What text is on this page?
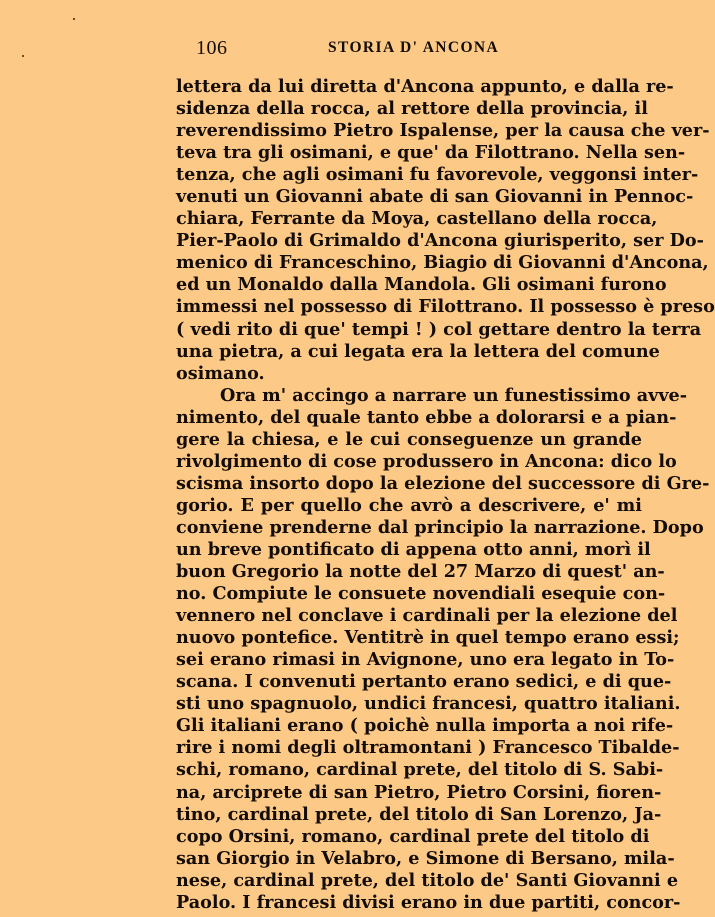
106	STORIA D' ANCONA
lettera da lui diretta d'Ancona appunto, e dalla re-
sidenza della rocca, al rettore della provincia, il
reverendissimo Pietro Ispalense, per la causa che ver-
teva tra gli osimani, e que' da Filottrano. Nella sen-
tenza, che agli osimani fu favorevole, veggonsi inter-
venuti un Giovanni abate di san Giovanni in Pennoc-
chiara, Ferrante da Moya, castellano della rocca,
Pier-Paolo di Grimaldo d'Ancona giurisperito, ser Do-
menico di Franceschino, Biagio di Giovanni d'Ancona,
ed un Monaldo dalla Mandola. Gli osimani furono
immessi nel possesso di Filottrano. Il possesso è preso
( vedi rito di que' tempi ! ) col gettare dentro la terra
una pietra, a cui legata era la lettera del comune
osimano.
Ora m' accingo a narrare un funestissimo avve-
nimento, del quale tanto ebbe a dolorarsi e a pian-
gere la chiesa, e le cui conseguenze un grande
rivolgimento di cose produssero in Ancona: dico lo
scisma insorto dopo la elezione del successore di Gre-
gorio. E per quello che avrò a descrivere, e' mi
conviene prenderne dal principio la narrazione. Dopo
un breve pontificato di appena otto anni, morì il
buon Gregorio la notte del 27 Marzo di quest' an-
no. Compiute le consuete novendiali esequie con-
vennero nel conclave i cardinali per la elezione del
nuovo pontefice. Ventitrè in quel tempo erano essi;
sei erano rimasi in Avignone, uno era legato in To-
scana. I convenuti pertanto erano sedici, e di que-
sti uno spagnuolo, undici francesi, quattro italiani.
Gli italiani erano ( poichè nulla importa a noi rife-
rire i nomi degli oltramontani ) Francesco Tibalde-
schi, romano, cardinal prete, del titolo di S. Sabi-
na, arciprete di san Pietro, Pietro Corsini, fioren-
tino, cardinal prete, del titolo di San Lorenzo, Ja-
copo Orsini, romano, cardinal prete del titolo di
san Giorgio in Velabro, e Simone di Bersano, mila-
nese, cardinal prete, del titolo de' Santi Giovanni e
Paolo. I francesi divisi erano in due partiti, concor-
